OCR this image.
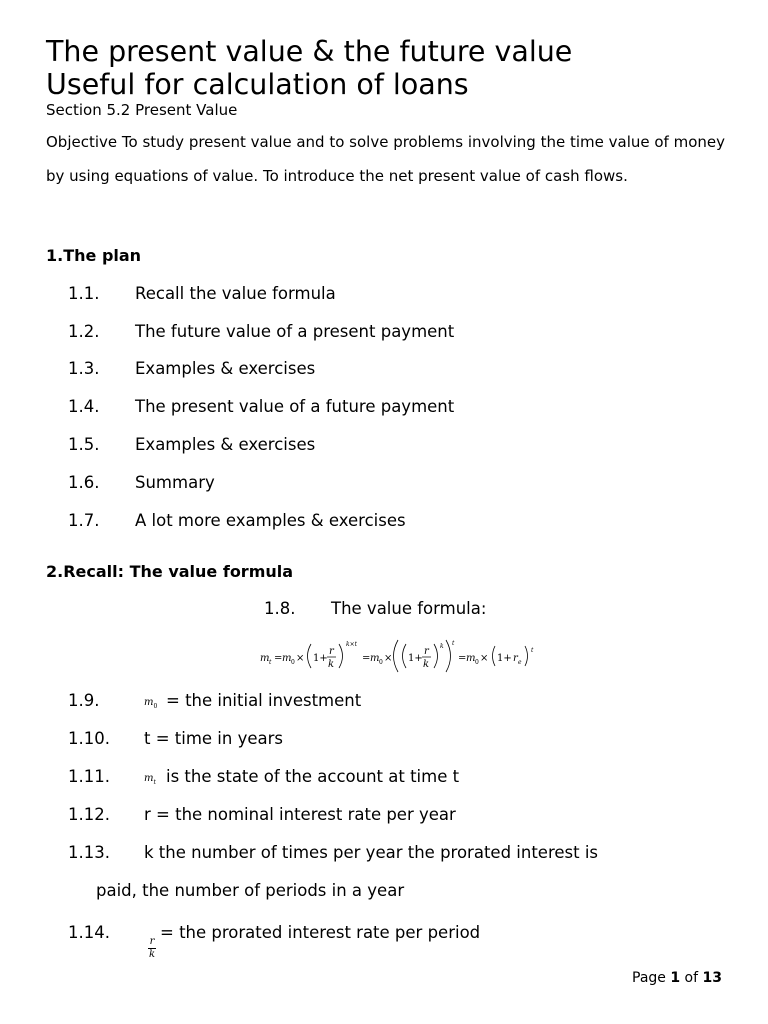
The present value & the future value
Useful for calculation of loans
Section 5.2 Present Value
Objective To study present value and to solve problems involving the time value of money by using equations of value. To introduce the net present value of cash flows.
1.The plan
1.1. Recall the value formula
1.2. The future value of a present payment
1.3. Examples & exercises
1.4. The present value of a future payment
1.5. Examples & exercises
1.6. Summary
1.7. A lot more examples & exercises
2.Recall: The value formula
1.8. The value formula:
m t = m 0 × 1+
r
k
k×t
= m 0 × 1+
r
k
k t
= m 0 × 1+ r e
t
1.9.	$m_0$ = the initial investment
1.10. t = time in years
1.11.	$m_t$ is the state of the account at time t
1.12. r = the nominal interest rate per year
1.13. k the number of times per year the prorated interest is
paid, the number of periods in a year
1.14.
$\frac{r}{k}$
= the prorated interest rate per period
Page 1 of 13
